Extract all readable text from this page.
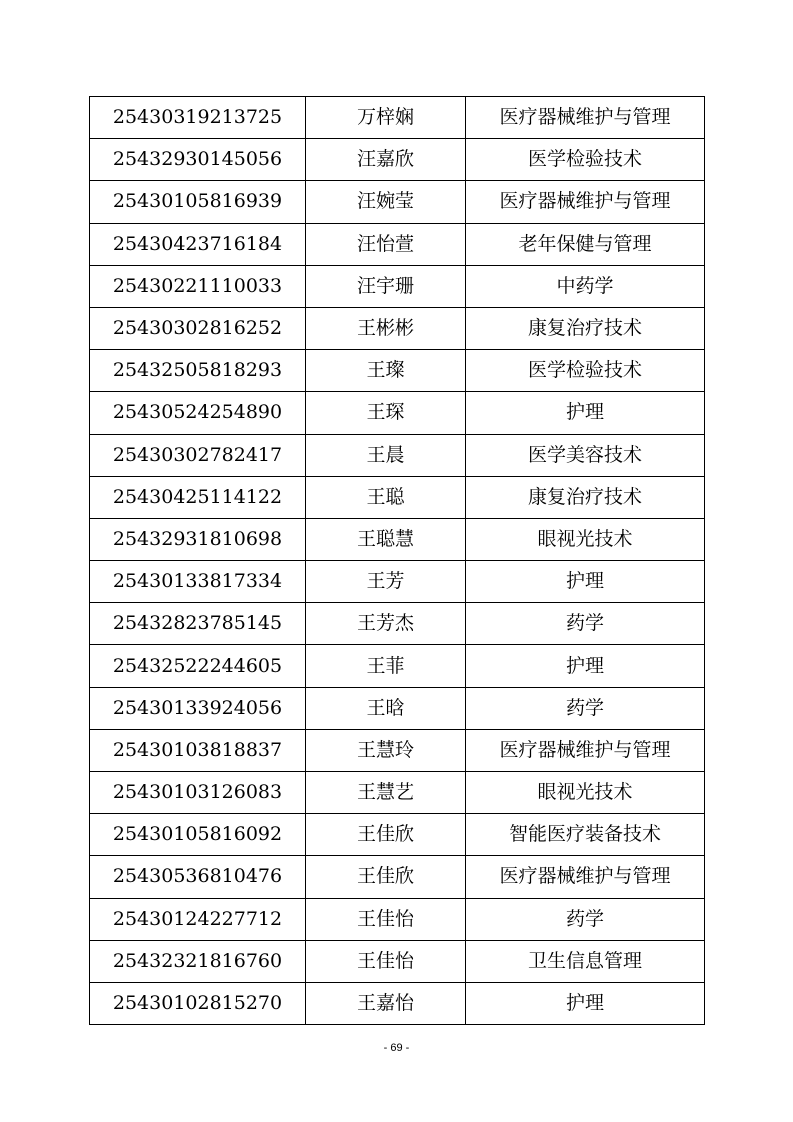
25430319213725	万梓娴	医疗器械维护与管理
25432930145056	汪嘉欣	医学检验技术
25430105816939	汪婉莹	医疗器械维护与管理
25430423716184	汪怡萱	老年保健与管理
25430221110033	汪宇珊	中药学
25430302816252	王彬彬	康复治疗技术
25432505818293	王璨	医学检验技术
25430524254890	王琛	护理
25430302782417	王晨	医学美容技术
25430425114122	王聪	康复治疗技术
25432931810698	王聪慧	眼视光技术
25430133817334	王芳	护理
25432823785145	王芳杰	药学
25432522244605	王菲	护理
25430133924056	王晗	药学
25430103818837	王慧玲	医疗器械维护与管理
25430103126083	王慧艺	眼视光技术
25430105816092	王佳欣	智能医疗装备技术
25430536810476	王佳欣	医疗器械维护与管理
25430124227712	王佳怡	药学
25432321816760	王佳怡	卫生信息管理
25430102815270	王嘉怡	护理
- 69 -
